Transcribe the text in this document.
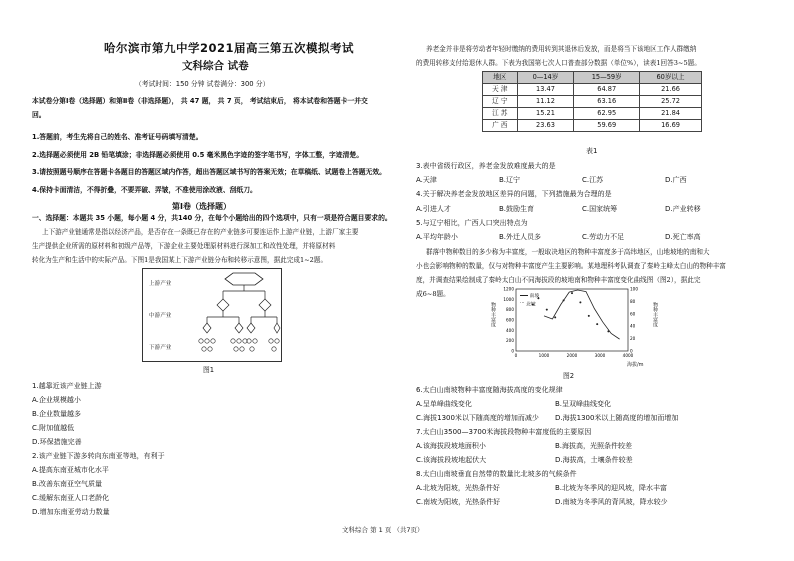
哈尔滨市第九中学2021届高三第五次模拟考试
文科综合 试卷
（考试时间：150 分钟 试卷满分：300 分）
本试卷分第Ⅰ卷（选择题）和第Ⅱ卷（非选择题）， 共 47 题， 共 7 页， 考试结束后， 将本试卷和答题卡一并交
回。
1.答题前，考生先将自己的姓名、准考证号码填写清楚。
2.选择题必须使用 2B 铅笔填涂；非选择题必须使用 0.5 毫米黑色字迹的签字笔书写，字体工整，字迹清楚。
3.请按照题号顺序在答题卡各题目的答题区域内作答，超出答题区域书写的答案无效；在草稿纸、试题卷上答题无效。
4.保持卡面清洁，不得折叠，不要弄破、弄皱，不准使用涂改液、刮纸刀。
第Ⅰ卷（选择题）
一、选择题：本题共 35 小题，每小题 4 分，共140 分，在每个小题给出的四个选项中，只有一项是符合题目要求的。
上下游产业链通常是指以经济产品，是否存在一条既已存在的产业链多可要连运作上游产业链，上游厂家主要
生产提供企业所需的原材料和初级产品等，下游企业主要处理原材料进行深加工和改性处理，并将原材料
转化为生产和生活中的实际产品。下图1是我国某上下游产业链分布和转移示意图，据此完成1~2题。
上游产业
中游产业
下游产业
图1
1.越靠近该产业链上游
A.企业规模越小
B.企业数量越多
C.附加值越低
D.环保措施完善
2.该产业链下游多转向东南亚等地，有利于
A.提高东南亚城市化水平
B.改善东南亚空气质量
C.缓解东南亚人口老龄化
D.增加东南亚劳动力数量
养老金并非是将劳动者年轻时缴纳的费用转到其退休后发放，而是将当下该地区工作人群缴纳
的费用转移支付给退休人群。下表为我国第七次人口普查部分数据（单位%），读表1回答3~5题。
地区	0—14岁	15—59岁	60岁以上
天 津	13.47	64.87	21.66
辽 宁	11.12	63.16	25.72
江 苏	15.21	62.95	21.84
广 西	23.63	59.69	16.69
表1
3.表中省级行政区，养老金发放难度最大的是
A.天津	B.辽宁	C.江苏	D.广西
4.关于解决养老金发放地区差异的问题，下列措施最为合理的是
A.引进人才	B.鼓励生育	C.国家统筹	D.产业转移
5.与辽宁相比，广西人口突出特点为
A.平均年龄小	B.外迁人员多	C.劳动力不足	D.死亡率高
群落中物种数目的多少称为丰富度，一般取决地区的物种丰富度多于高纬地区，山地坡地的南和大
小也会影响物种的数量，仅与对物种丰富度产生主要影响。某地理科考队调查了秦岭主峰太白山的物种丰富
度，并调查结果绘制成了秦岭太白山不同海拔段的坡地南和物种丰富度变化曲线图（图2），据此完
成6~8题。
0	1000	2000	3000	4000
0
200
400
600
800
1000
1200
0
20
40
60
80
100
物种丰富度	物种丰富度
海拔/m
南坡
··· 北坡
图2
6.太白山南坡物种丰富度随海拔高度的变化规律
A.呈单峰曲线变化	B.呈双峰曲线变化
C.海拔1300米以下随高度的增加而减少 D.海拔1300米以上随高度的增加而增加
7.太白山3500—3700米海拔段物种丰富度低的主要原因
A.该海拔段坡地面积小	B.海拔高，光照条件较差
C.该海拔段坡地起伏大	D.海拔高，土壤条件较差
8.太白山南坡垂直自然带的数量比北坡多的气候条件
A.北坡为阳坡，光热条件好	B.北坡为冬季风的迎风坡，降水丰富
C.南坡为阳坡，光热条件好	D.南坡为冬季风的背风坡，降水较少
文科综合 第 1 页 （共7页）
